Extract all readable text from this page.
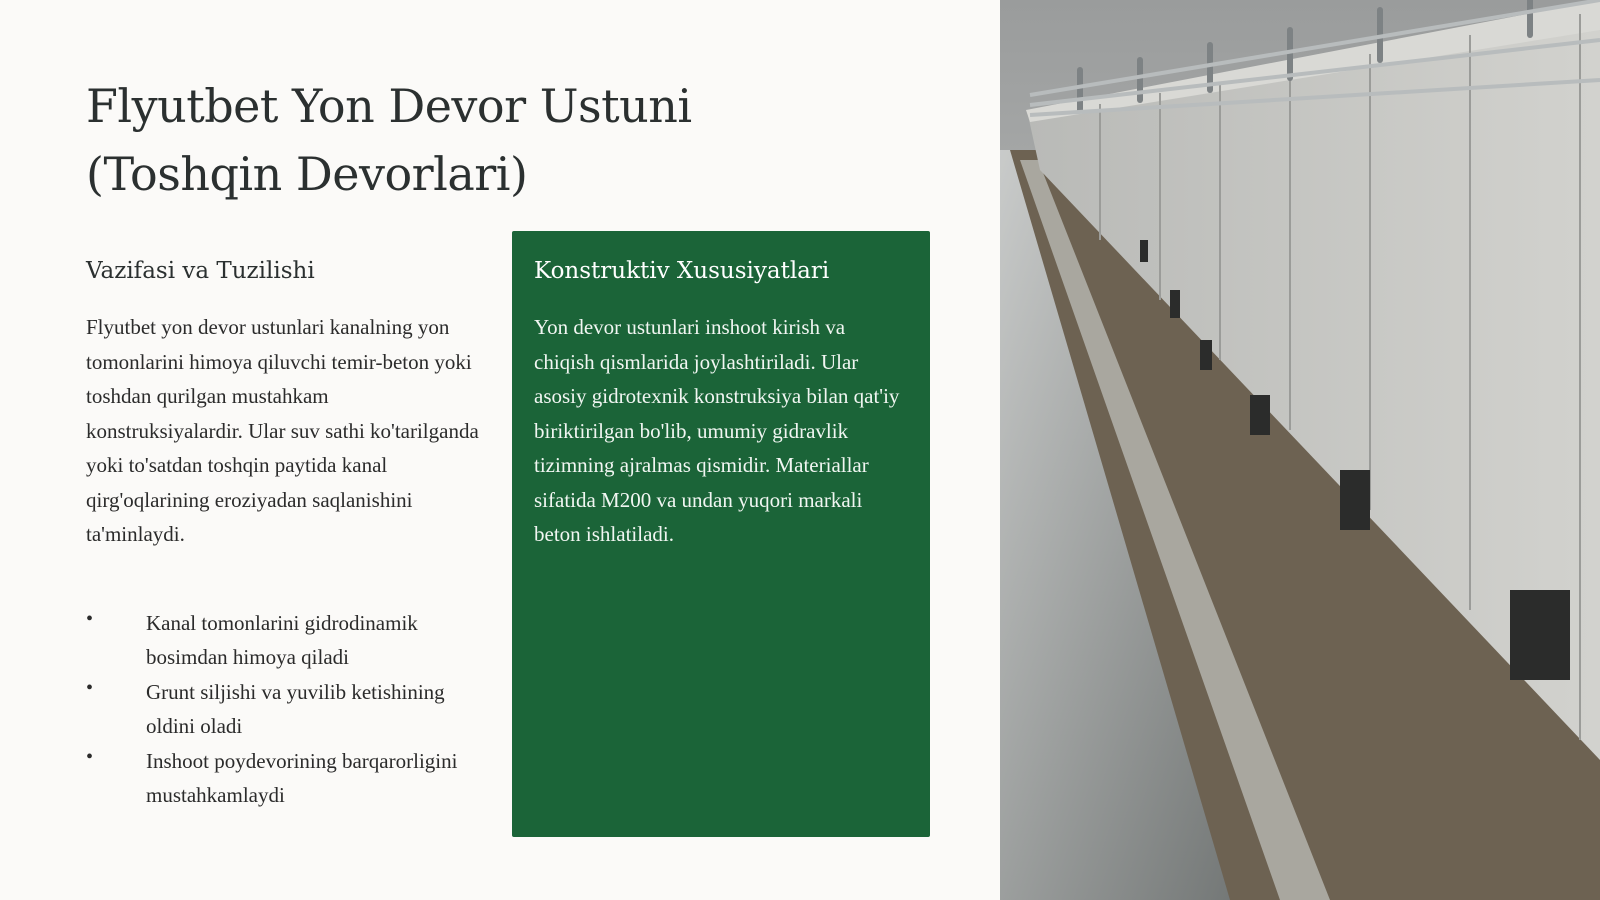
Flyutbet Yon Devor Ustuni
(Toshqin Devorlari)
Vazifasi va Tuzilishi

Flyutbet yon devor ustunlari kanalning yon tomonlarini himoya qiluvchi temir-beton yoki toshdan qurilgan mustahkam konstruksiyalardir. Ular suv sathi ko'tarilganda yoki to'satdan toshqin paytida kanal qirg'oqlarining eroziyadan saqlanishini ta'minlaydi.

•	Kanal tomonlarini gidrodinamik bosimdan himoya qiladi
•	Grunt siljishi va yuvilib ketishining oldini oladi
•	Inshoot poydevorining barqarorligini mustahkamlaydi
Konstruktiv Xususiyatlari

Yon devor ustunlari inshoot kirish va chiqish qismlarida joylashtiriladi. Ular asosiy gidrotexnik konstruksiya bilan qat'iy biriktirilgan bo'lib, umumiy gidravlik tizimning ajralmas qismidir. Materiallar sifatida M200 va undan yuqori markali beton ishlatiladi.
